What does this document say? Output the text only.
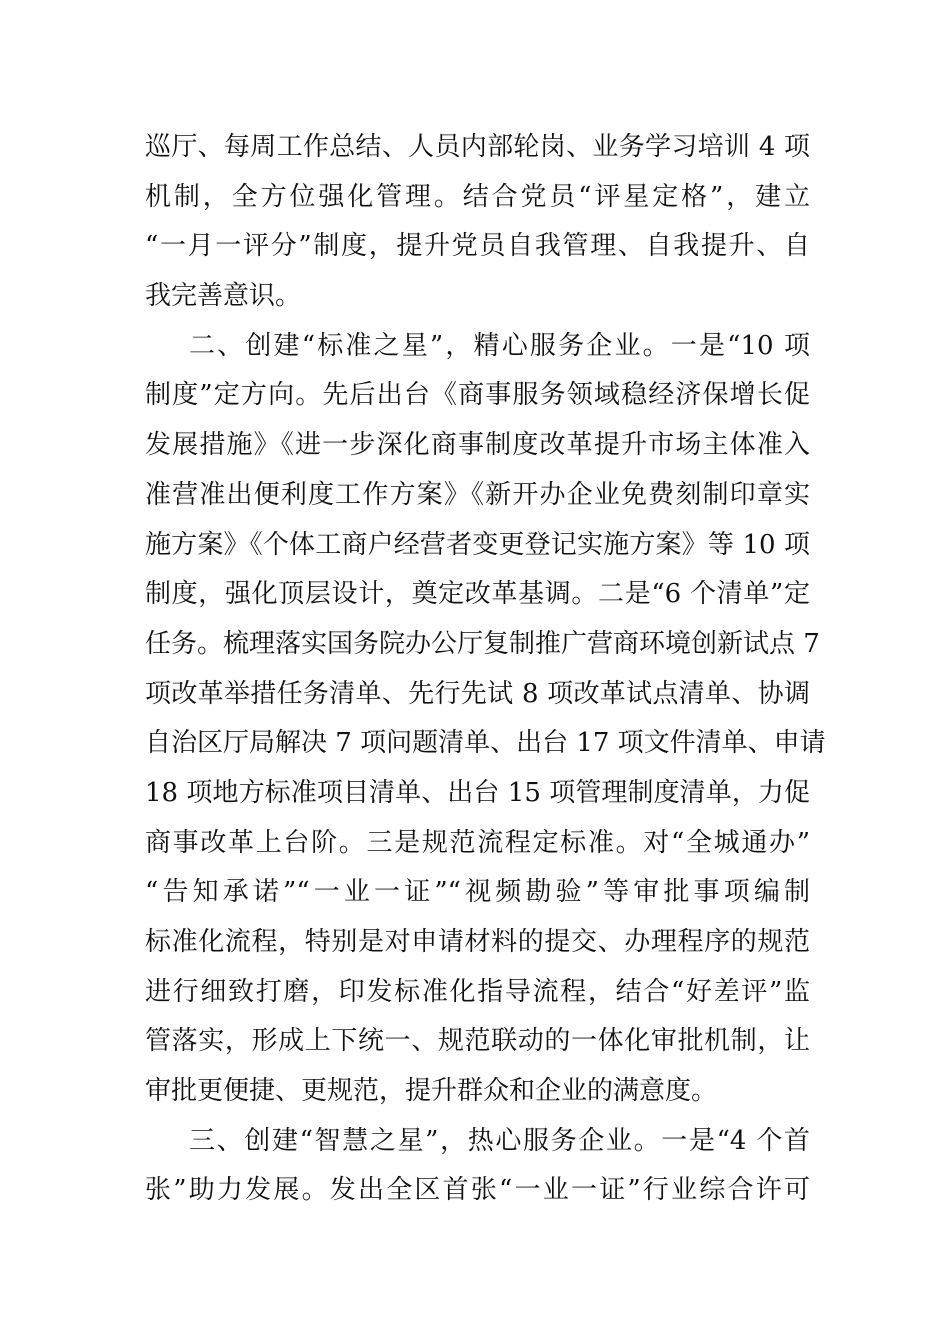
巡厅、每周工作总结、人员内部轮岗、业务学习培训 4 项
机制，全方位强化管理。结合党员“评星定格”，建立
“一月一评分”制度，提升党员自我管理、自我提升、自
我完善意识。
二、创建“标准之星”，精心服务企业。一是“10 项
制度”定方向。先后出台《商事服务领域稳经济保增长促
发展措施》《进一步深化商事制度改革提升市场主体准入
准营准出便利度工作方案》《新开办企业免费刻制印章实
施方案》《个体工商户经营者变更登记实施方案》等 10 项
制度，强化顶层设计，奠定改革基调。二是“6 个清单”定
任务。梳理落实国务院办公厅复制推广营商环境创新试点 7
项改革举措任务清单、先行先试 8 项改革试点清单、协调
自治区厅局解决 7 项问题清单、出台 17 项文件清单、申请
18 项地方标准项目清单、出台 15 项管理制度清单，力促
商事改革上台阶。三是规范流程定标准。对“全城通办”
“告知承诺”“一业一证”“视频勘验”等审批事项编制
标准化流程，特别是对申请材料的提交、办理程序的规范
进行细致打磨，印发标准化指导流程，结合“好差评”监
管落实，形成上下统一、规范联动的一体化审批机制，让
审批更便捷、更规范，提升群众和企业的满意度。
三、创建“智慧之星”，热心服务企业。一是“4 个首
张”助力发展。发出全区首张“一业一证”行业综合许可
